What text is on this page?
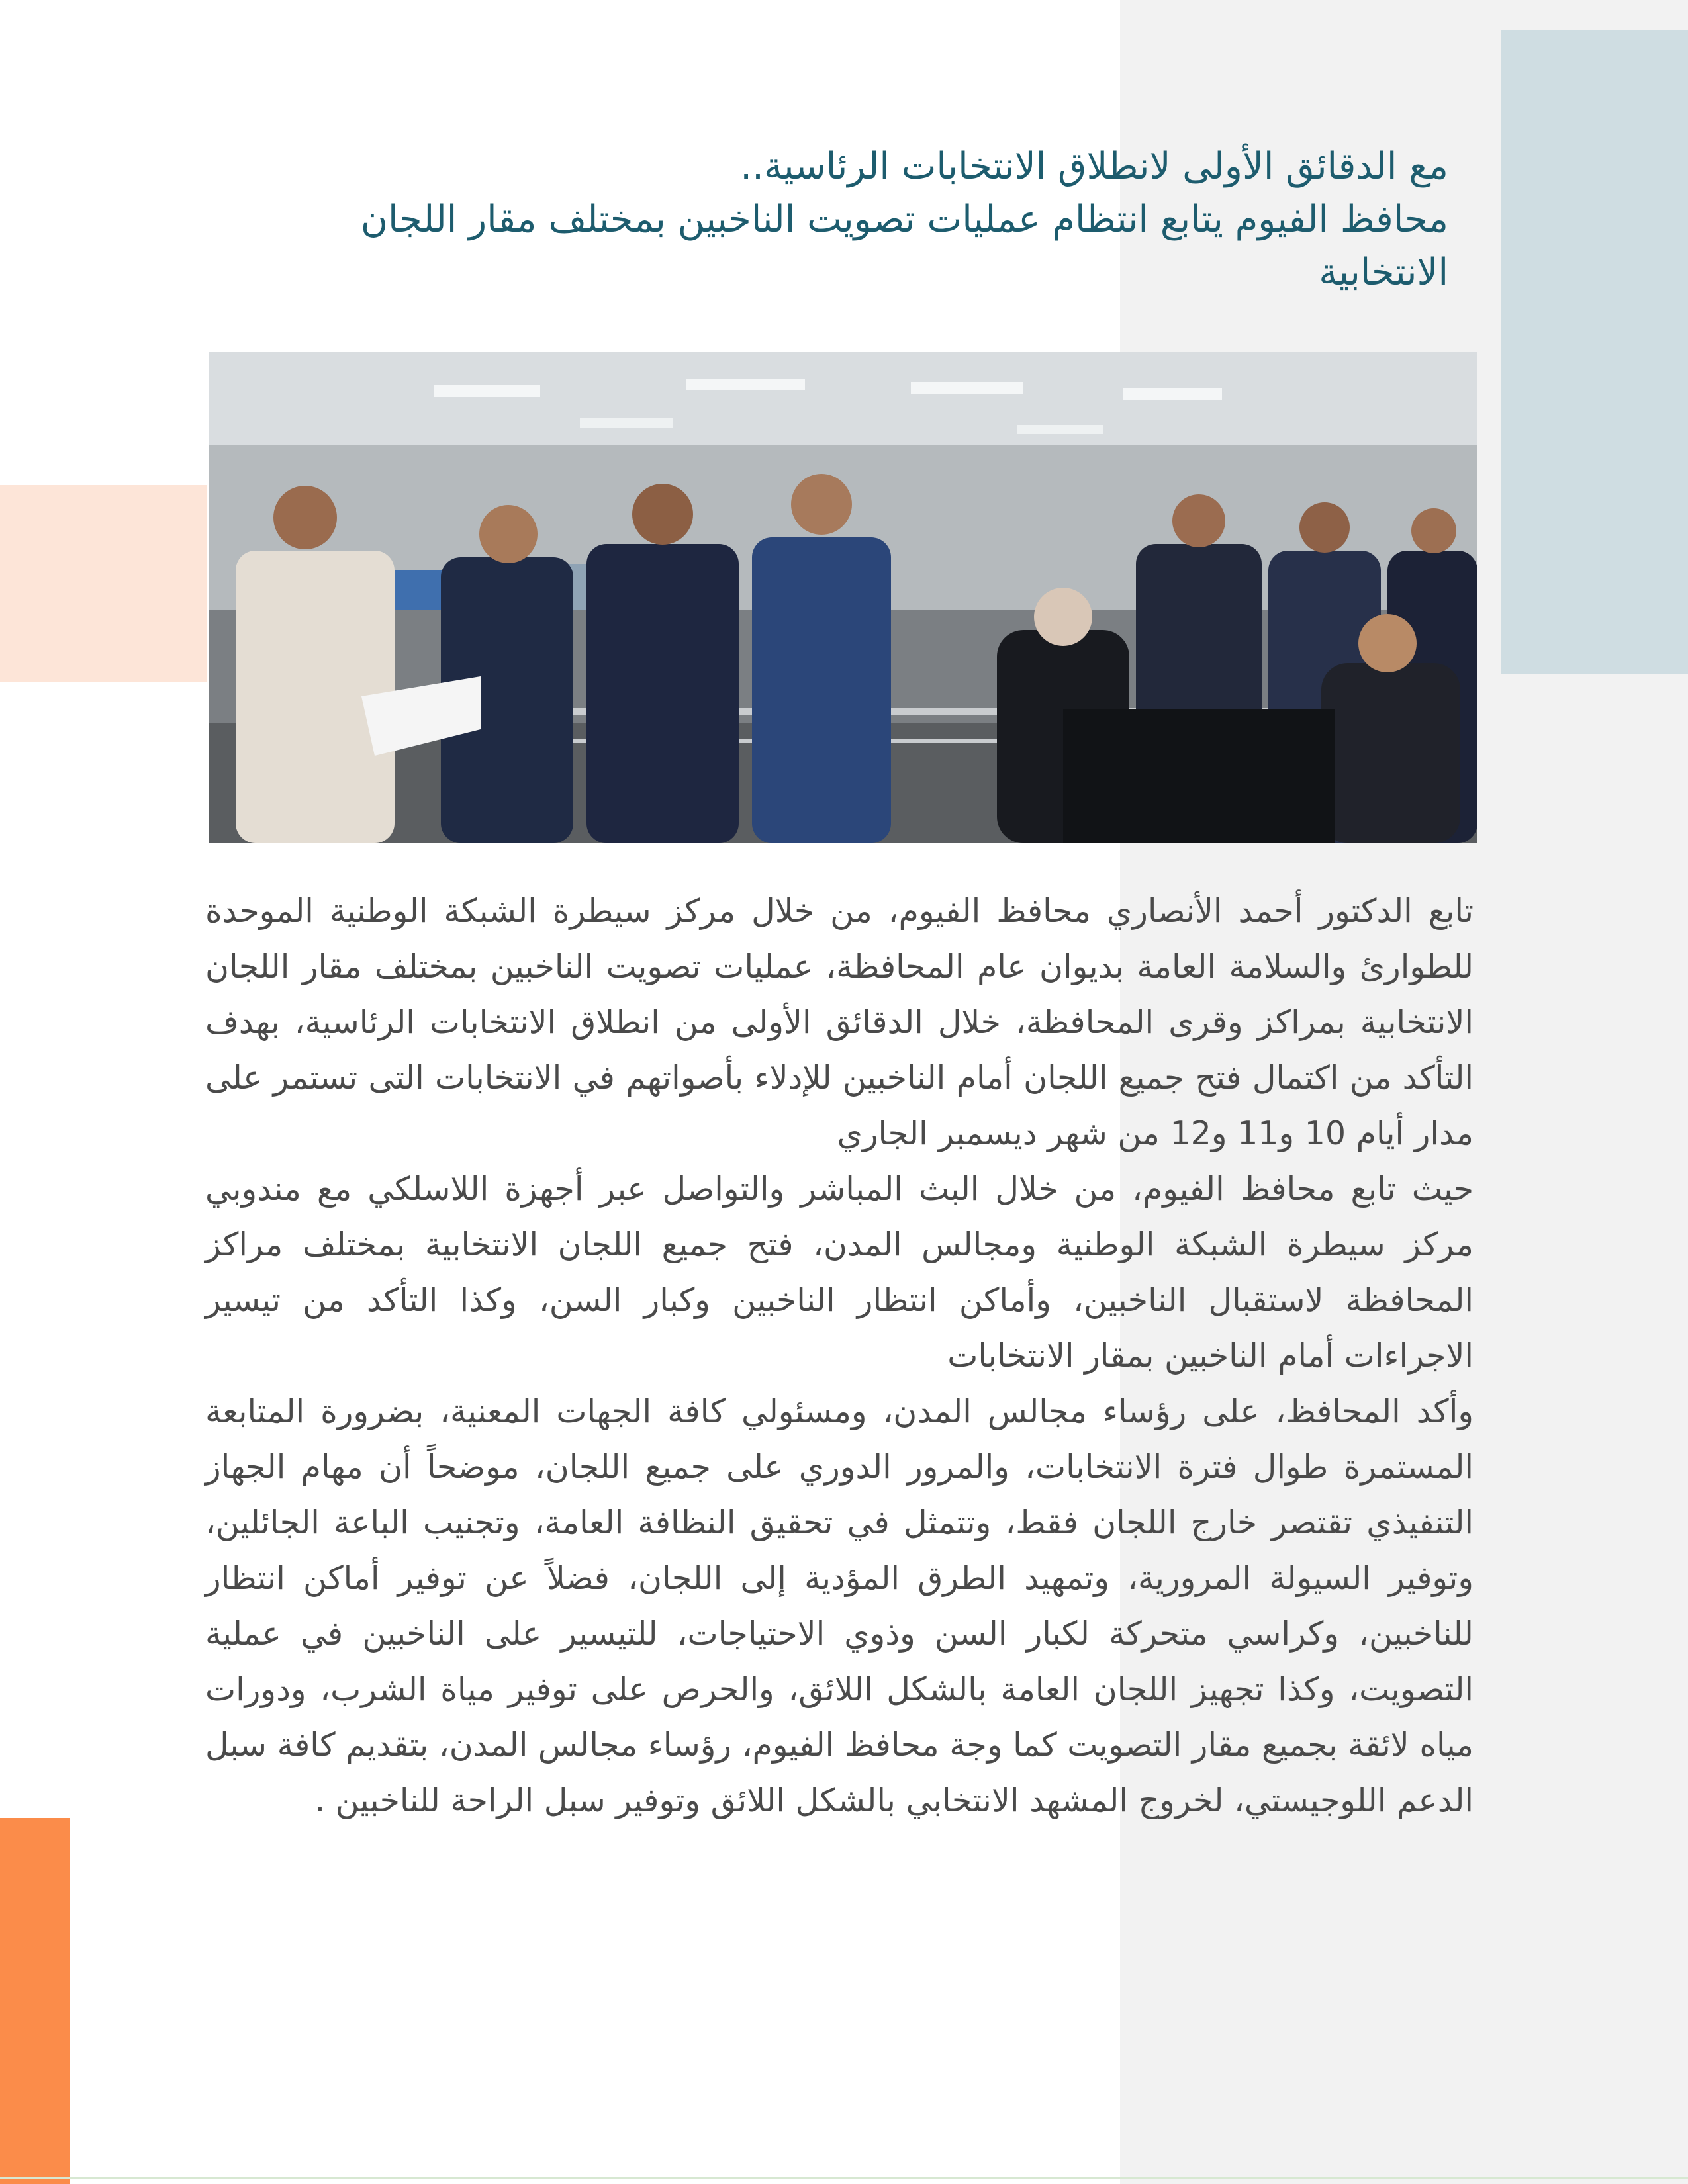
مع الدقائق الأولى لانطلاق الانتخابات الرئاسية..
محافظ الفيوم يتابع انتظام عمليات تصويت الناخبين بمختلف مقار اللجان الانتخابية

تابع الدكتور أحمد الأنصاري محافظ الفيوم، من خلال مركز سيطرة الشبكة الوطنية الموحدة للطوارئ والسلامة العامة بديوان عام المحافظة، عمليات تصويت الناخبين بمختلف مقار اللجان الانتخابية بمراكز وقرى المحافظة، خلال الدقائق الأولى من انطلاق الانتخابات الرئاسية، بهدف التأكد من اكتمال فتح جميع اللجان أمام الناخبين للإدلاء بأصواتهم في الانتخابات التى تستمر على مدار أيام 10 و11 و12 من شهر ديسمبر الجاري

حيث تابع محافظ الفيوم، من خلال البث المباشر والتواصل عبر أجهزة اللاسلكي مع مندوبي مركز سيطرة الشبكة الوطنية ومجالس المدن، فتح جميع اللجان الانتخابية بمختلف مراكز المحافظة لاستقبال الناخبين، وأماكن انتظار الناخبين وكبار السن، وكذا التأكد من تيسير الاجراءات أمام الناخبين بمقار الانتخابات

وأكد المحافظ، على رؤساء مجالس المدن، ومسئولي كافة الجهات المعنية، بضرورة المتابعة المستمرة طوال فترة الانتخابات، والمرور الدوري على جميع اللجان، موضحاً أن مهام الجهاز التنفيذي تقتصر خارج اللجان فقط، وتتمثل في تحقيق النظافة العامة، وتجنيب الباعة الجائلين، وتوفير السيولة المرورية، وتمهيد الطرق المؤدية إلى اللجان، فضلاً عن توفير أماكن انتظار للناخبين، وكراسي متحركة لكبار السن وذوي الاحتياجات، للتيسير على الناخبين في عملية التصويت، وكذا تجهيز اللجان العامة بالشكل اللائق، والحرص على توفير مياة الشرب، ودورات مياه لائقة بجميع مقار التصويت كما وجة محافظ الفيوم، رؤساء مجالس المدن، بتقديم كافة سبل الدعم اللوجيستي، لخروج المشهد الانتخابي بالشكل اللائق وتوفير سبل الراحة للناخبين .
